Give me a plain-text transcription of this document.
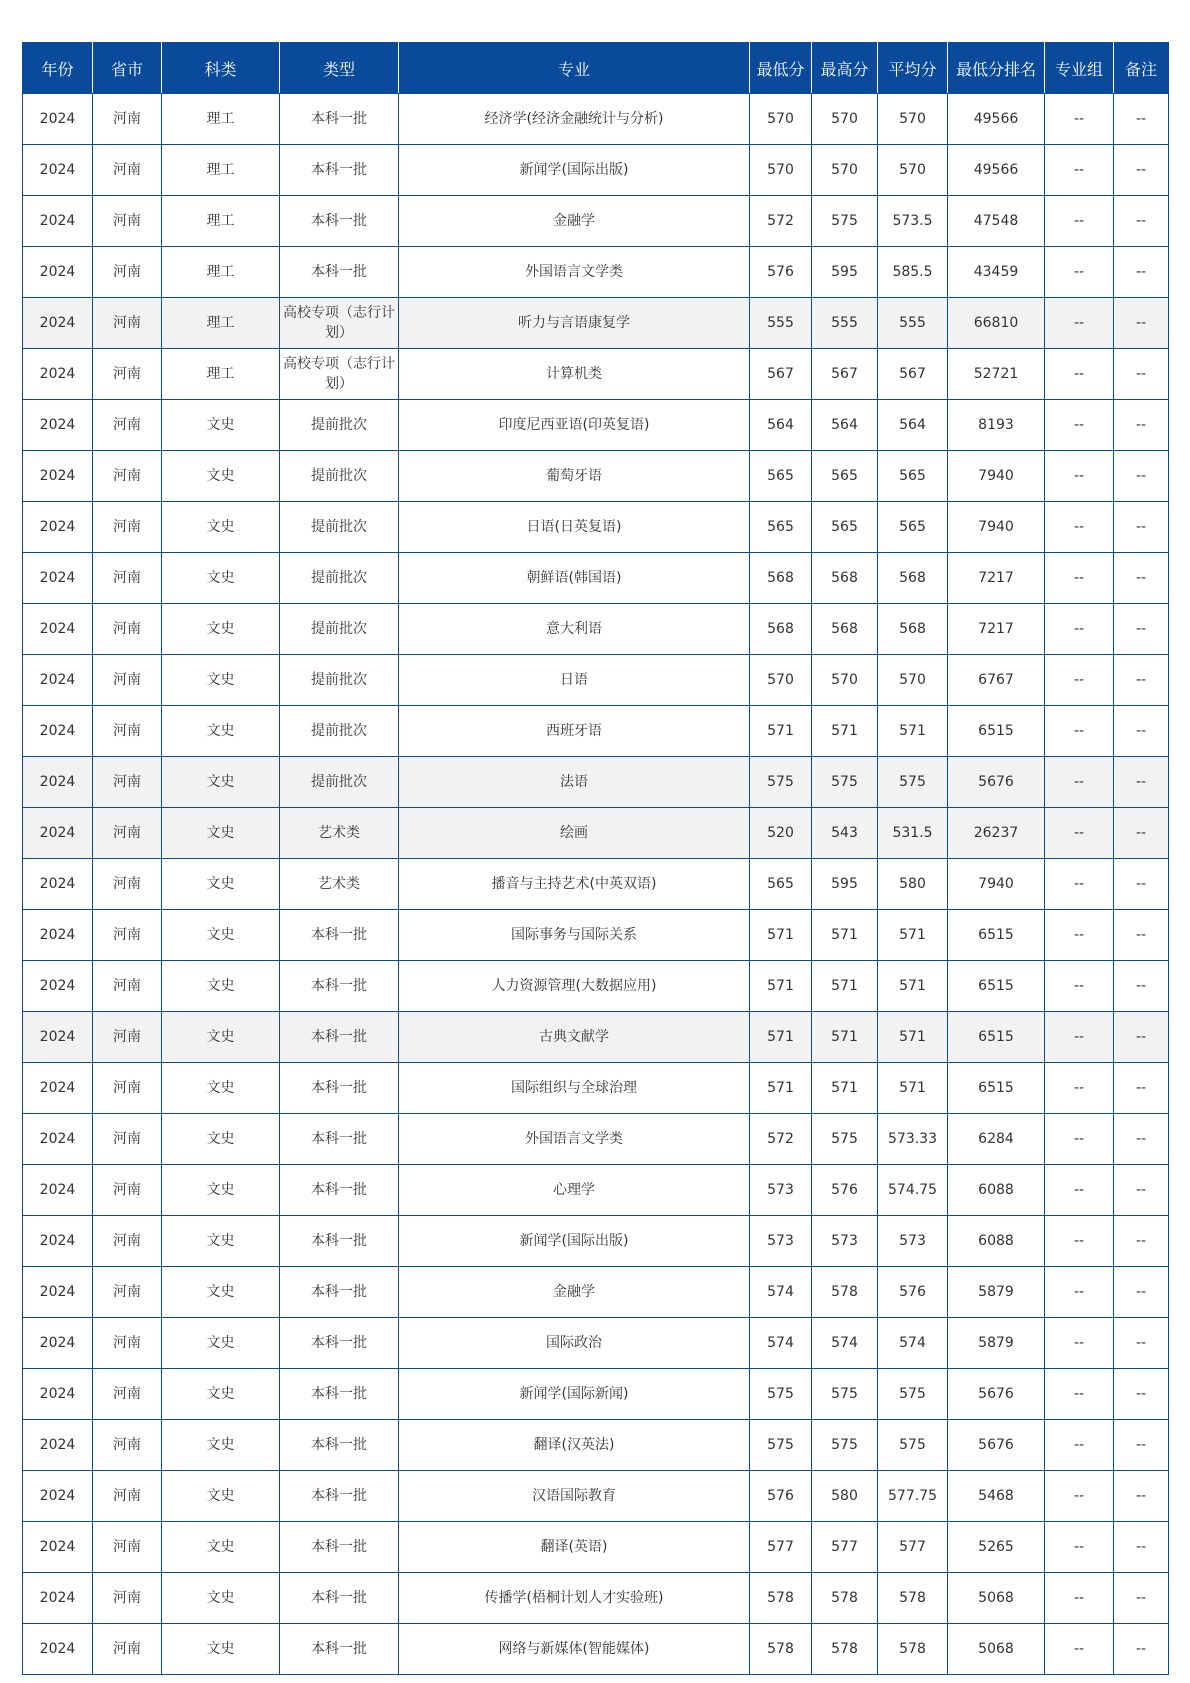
年份	省市	科类	类型	专业	最低分	最高分	平均分	最低分排名	专业组	备注
2024	河南	理工	本科一批	经济学(经济金融统计与分析)	570	570	570	49566	--	--
2024	河南	理工	本科一批	新闻学(国际出版)	570	570	570	49566	--	--
2024	河南	理工	本科一批	金融学	572	575	573.5	47548	--	--
2024	河南	理工	本科一批	外国语言文学类	576	595	585.5	43459	--	--
2024	河南	理工	高校专项（志行计划）	听力与言语康复学	555	555	555	66810	--	--
2024	河南	理工	高校专项（志行计划）	计算机类	567	567	567	52721	--	--
2024	河南	文史	提前批次	印度尼西亚语(印英复语)	564	564	564	8193	--	--
2024	河南	文史	提前批次	葡萄牙语	565	565	565	7940	--	--
2024	河南	文史	提前批次	日语(日英复语)	565	565	565	7940	--	--
2024	河南	文史	提前批次	朝鲜语(韩国语)	568	568	568	7217	--	--
2024	河南	文史	提前批次	意大利语	568	568	568	7217	--	--
2024	河南	文史	提前批次	日语	570	570	570	6767	--	--
2024	河南	文史	提前批次	西班牙语	571	571	571	6515	--	--
2024	河南	文史	提前批次	法语	575	575	575	5676	--	--
2024	河南	文史	艺术类	绘画	520	543	531.5	26237	--	--
2024	河南	文史	艺术类	播音与主持艺术(中英双语)	565	595	580	7940	--	--
2024	河南	文史	本科一批	国际事务与国际关系	571	571	571	6515	--	--
2024	河南	文史	本科一批	人力资源管理(大数据应用)	571	571	571	6515	--	--
2024	河南	文史	本科一批	古典文献学	571	571	571	6515	--	--
2024	河南	文史	本科一批	国际组织与全球治理	571	571	571	6515	--	--
2024	河南	文史	本科一批	外国语言文学类	572	575	573.33	6284	--	--
2024	河南	文史	本科一批	心理学	573	576	574.75	6088	--	--
2024	河南	文史	本科一批	新闻学(国际出版)	573	573	573	6088	--	--
2024	河南	文史	本科一批	金融学	574	578	576	5879	--	--
2024	河南	文史	本科一批	国际政治	574	574	574	5879	--	--
2024	河南	文史	本科一批	新闻学(国际新闻)	575	575	575	5676	--	--
2024	河南	文史	本科一批	翻译(汉英法)	575	575	575	5676	--	--
2024	河南	文史	本科一批	汉语国际教育	576	580	577.75	5468	--	--
2024	河南	文史	本科一批	翻译(英语)	577	577	577	5265	--	--
2024	河南	文史	本科一批	传播学(梧桐计划人才实验班)	578	578	578	5068	--	--
2024	河南	文史	本科一批	网络与新媒体(智能媒体)	578	578	578	5068	--	--
